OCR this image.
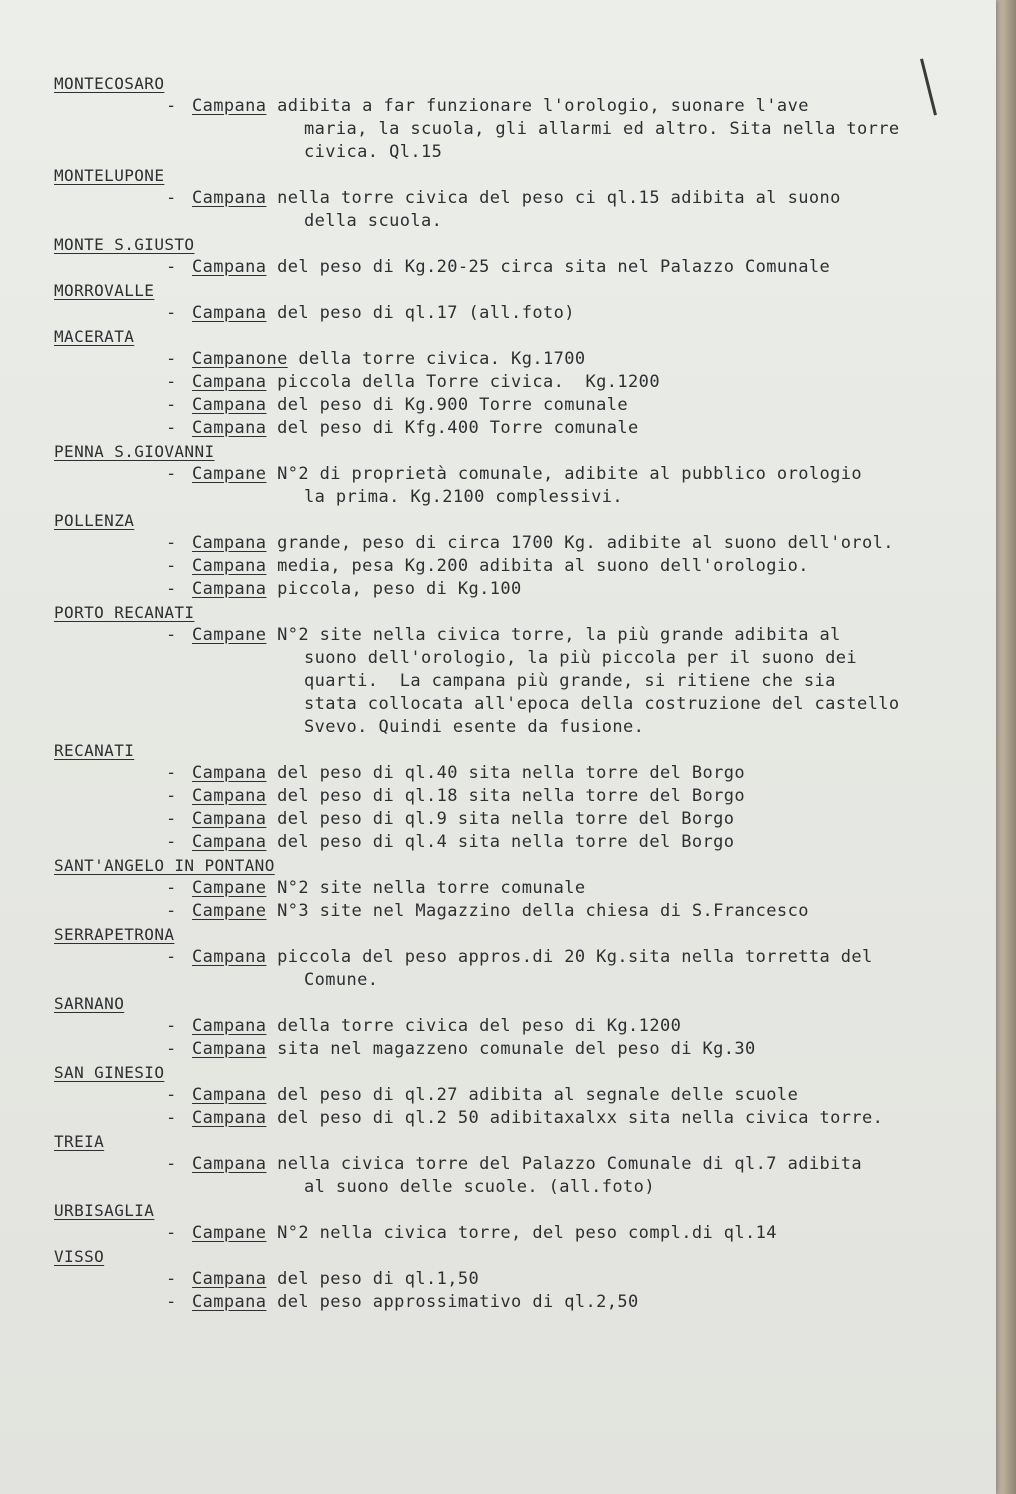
MONTECOSARO
- Campana adibita a far funzionare l'orologio, suonare l'ave
maria, la scuola, gli allarmi ed altro. Sita nella torre
civica. Ql.15
MONTELUPONE
- Campana nella torre civica del peso ci ql.15 adibita al suono
della scuola.
MONTE S.GIUSTO
- Campana del peso di Kg.20-25 circa sita nel Palazzo Comunale
MORROVALLE
- Campana del peso di ql.17 (all.foto)
MACERATA
- Campanone della torre civica. Kg.1700
- Campana piccola della Torre civica.  Kg.1200
- Campana del peso di Kg.900 Torre comunale
- Campana del peso di Kfg.400 Torre comunale
PENNA S.GIOVANNI
- Campane N°2 di proprietà comunale, adibite al pubblico orologio
la prima. Kg.2100 complessivi.
POLLENZA
- Campana grande, peso di circa 1700 Kg. adibite al suono dell'orol.
- Campana media, pesa Kg.200 adibita al suono dell'orologio.
- Campana piccola, peso di Kg.100
PORTO RECANATI
- Campane N°2 site nella civica torre, la più grande adibita al
suono dell'orologio, la più piccola per il suono dei
quarti.  La campana più grande, si ritiene che sia
stata collocata all'epoca della costruzione del castello
Svevo. Quindi esente da fusione.
RECANATI
- Campana del peso di ql.40 sita nella torre del Borgo
- Campana del peso di ql.18 sita nella torre del Borgo
- Campana del peso di ql.9 sita nella torre del Borgo
- Campana del peso di ql.4 sita nella torre del Borgo
SANT'ANGELO IN PONTANO
- Campane N°2 site nella torre comunale
- Campane N°3 site nel Magazzino della chiesa di S.Francesco
SERRAPETRONA
- Campana piccola del peso appros.di 20 Kg.sita nella torretta del
Comune.
SARNANO
- Campana della torre civica del peso di Kg.1200
- Campana sita nel magazzeno comunale del peso di Kg.30
SAN GINESIO
- Campana del peso di ql.27 adibita al segnale delle scuole
- Campana del peso di ql.2 50 adibitaxalxx sita nella civica torre.
TREIA
- Campana nella civica torre del Palazzo Comunale di ql.7 adibita
al suono delle scuole. (all.foto)
URBISAGLIA
- Campane N°2 nella civica torre, del peso compl.di ql.14
VISSO
- Campana del peso di ql.1,50
- Campana del peso approssimativo di ql.2,50
